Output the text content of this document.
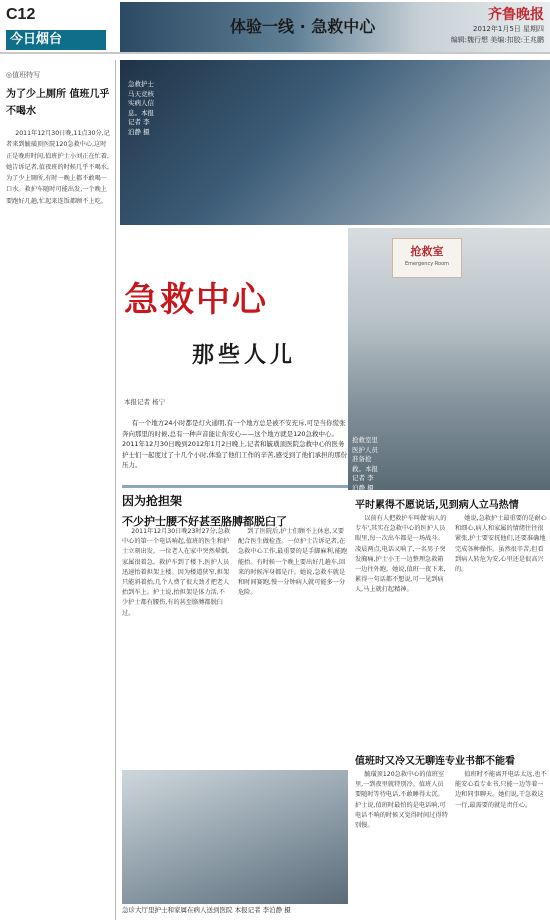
C12
今日烟台
体验一线 · 急救中心
齐鲁晚报
2012年1月5日 星期四
编辑:魏行想 美编:扣胶:王兆鹏
◎值班特写
为了少上厕所 值班几乎不喝水
2011年12月30日晚,11点30分,记者来到毓璜顶医院120急救中心,这时正是晚班时间,值班护士小刘正在忙着,她告诉记者,值夜班的时候几乎不喝水,为了少上厕所,有时一晚上都不敢喝一口水。救护车随时可能出发,一个晚上要跑好几趟,忙起来连饭都顾不上吃。
急救护士马天竞核实病人信息。本报记者 李泊静 摄
抢救室
Emergency Room
抢救室里医护人员准备抢救。本报记者 李泊静 摄
急救中心
那些人儿
本报记者 杨宁
有一个地方24小时都是灯火通明,有一个地方总是被不安充斥,可是当你慌张奔向那里的时候,总有一种声音能让你安心——这个地方就是120急救中心。2011年12月30日晚到2012年1月2日晚上,记者和毓璜顶医院急救中心的医务护士们一起度过了十几个小时,体验了他们工作的辛苦,感受到了他们承担的那份压力。
因为抢担架
不少护士腰不好甚至胳膊都脱臼了
2011年12月30日晚23时27分,急救中心的第一个电话响起,值班的医生和护士立刻出发。一位老人在家中突然晕倒,家属很着急。救护车到了楼下,医护人员迅速抬着担架上楼。因为楼道狭窄,担架只能斜着抬,几个人费了很大劲才把老人抬到车上。护士说,抬担架是体力活,不少护士都有腰伤,有的甚至胳膊都脱臼过。
到了医院后,护士们顾不上休息,又要配合医生做检查。一位护士告诉记者,在急救中心工作,最重要的是手脚麻利,能跑能抬。有时候一个晚上要出好几趟车,回来的时候浑身都是汗。她说,急救车就是和时间赛跑,慢一分钟病人就可能多一分危险。
急诊大厅里护士和家属在病人送到医院 本报记者 李泊静 摄
平时累得不愿说话,见到病人立马热情
以前有人把救护车叫做'病人的专车',其实在急救中心的医护人员眼里,每一次出车都是一场战斗。凌晨两点,电话又响了,一名男子突发胸痛,护士小王一边整理急救箱一边往外跑。她说,值班一夜下来,累得一句话都不想说,可一见到病人,马上就打起精神。
她说,急救护士最重要的是耐心和细心,病人和家属的情绪往往很紧张,护士要安抚他们,还要准确地完成各种操作。虽然很辛苦,但看到病人转危为安,心里还是很高兴的。
值班时又冷又无聊连专业书都不能看
毓璜顶120急救中心的值班室里,一到夜里就特别冷。值班人员要随时等待电话,不敢睡得太沉。护士说,值班时最怕的是电话响,可电话不响的时候又觉得时间过得特别慢。
值班时不能离开电话太远,也不能安心看专业书,只能一边等着一边和同事聊天。她们说,干急救这一行,最需要的就是责任心。
